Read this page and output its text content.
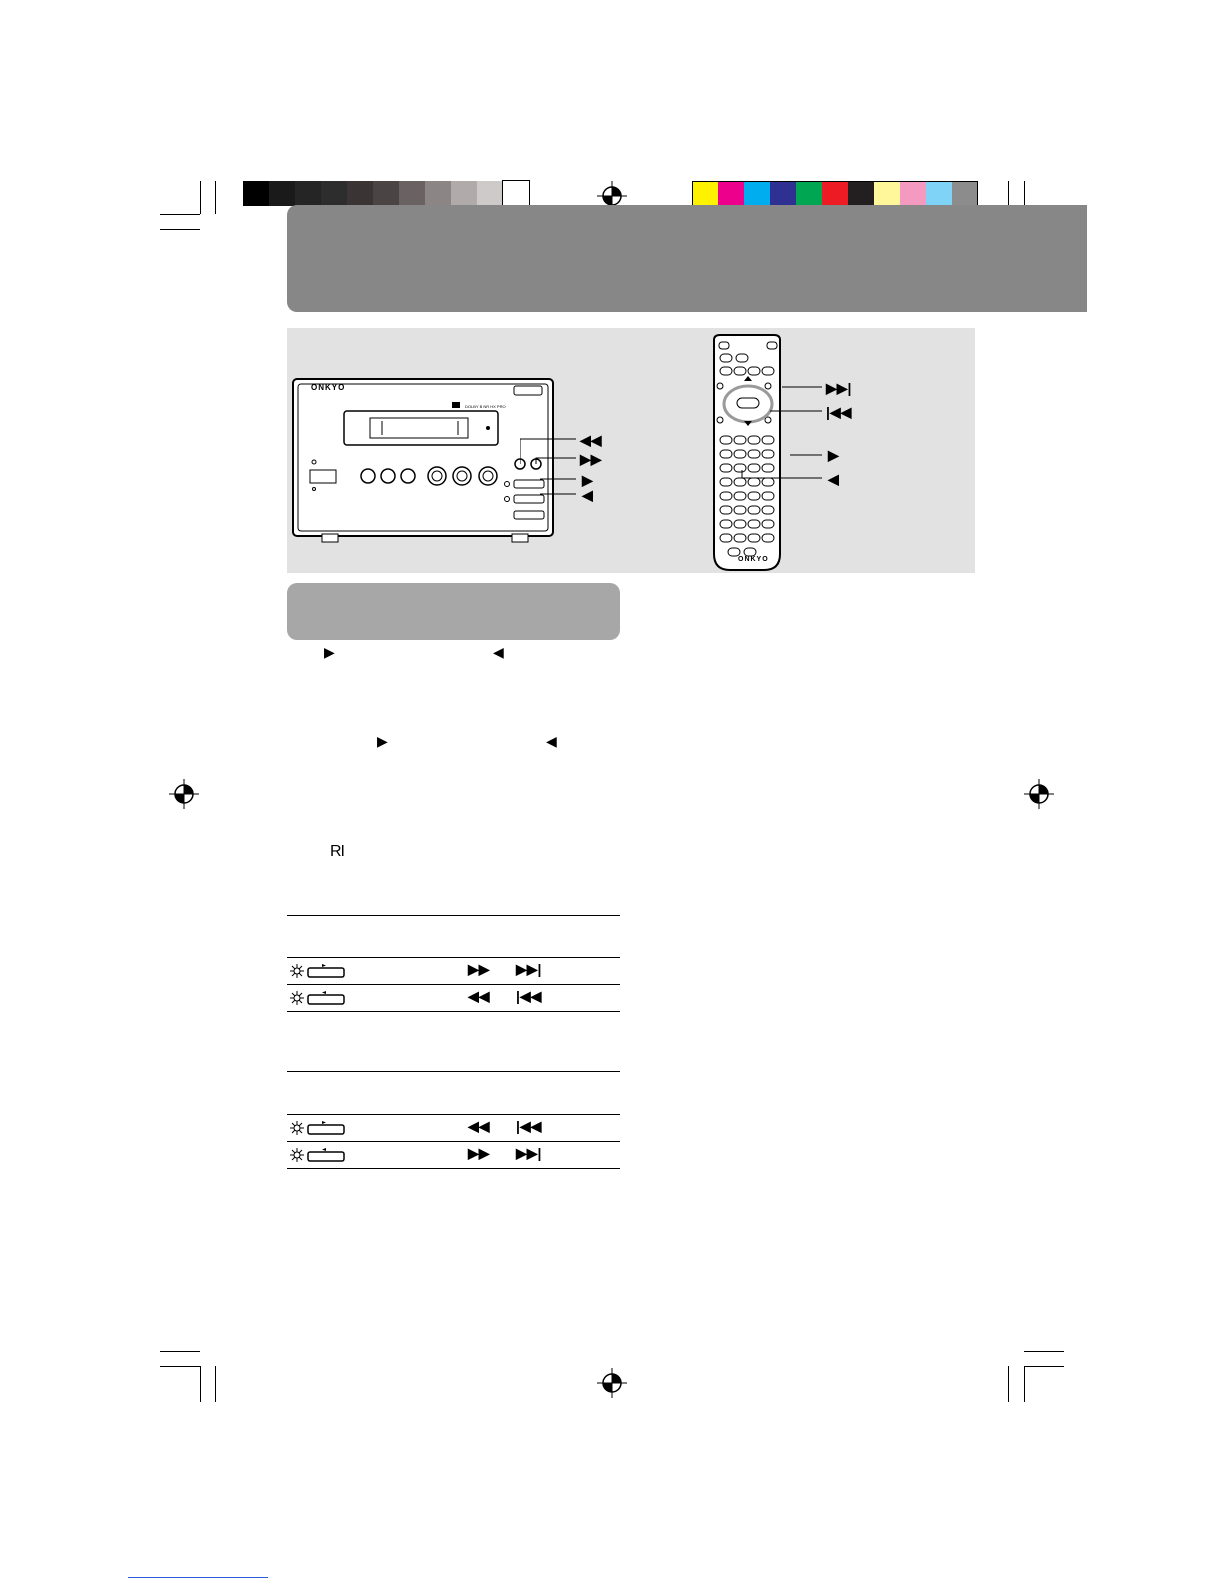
ONKYO
DOLBY B NR HX PRO
◀◀
▶▶
▶
◀
ONKYO
▶▶|
|◀◀
▶
◀
▶	◀
▶	◀
RI
▶▶ ▶▶|
◀◀ |◀◀
◀◀ |◀◀
▶▶ ▶▶|
